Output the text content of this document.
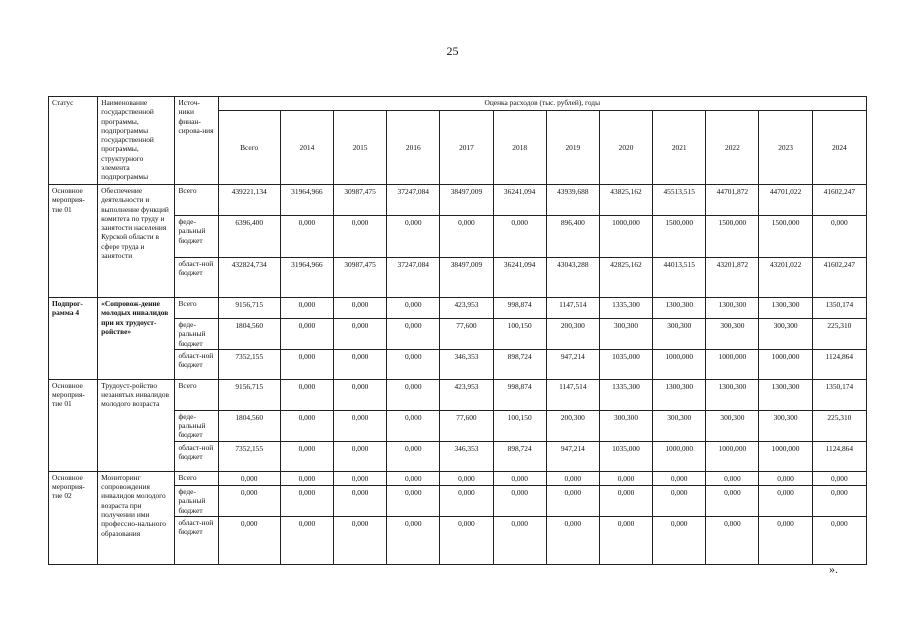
25
Статус	Наименование государственной программы, подпрограммы государственной программы, структурного элемента подпрограммы	Источ-ники финан-сирова-ния	Оценка расходов (тыс. рублей), годы											
			Всего	2014	2015	2016	2017	2018	2019	2020	2021	2022	2023	2024
Основное мероприя-тие 01	Обеспечение деятельности и выполнение функций комитета по труду и занятости населения Курской области в сфере труда и занятости	Всего	439221,134	31964,966	30987,475	37247,084	38497,009	36241,094	43939,688	43825,162	45513,515	44701,872	44701,022	41602,247
		феде-ральный бюджет	6396,400	0,000	0,000	0,000	0,000	0,000	896,400	1000,000	1500,000	1500,000	1500,000	0,000
		област-ной бюджет	432824,734	31964,966	30987,475	37247,084	38497,009	36241,094	43043,288	42825,162	44013,515	43201,872	43201,022	41602,247
Подпрог-рамма 4	«Сопровож-дение молодых инвалидов при их трудоуст-ройстве»	Всего	9156,715	0,000	0,000	0,000	423,953	998,874	1147,514	1335,300	1300,300	1300,300	1300,300	1350,174
		феде-ральный бюджет	1804,560	0,000	0,000	0,000	77,600	100,150	200,300	300,300	300,300	300,300	300,300	225,310
		област-ной бюджет	7352,155	0,000	0,000	0,000	346,353	898,724	947,214	1035,000	1000,000	1000,000	1000,000	1124,864
Основное мероприя-тие 01	Трудоуст-ройство незанятых инвалидов молодого возраста	Всего	9156,715	0,000	0,000	0,000	423,953	998,874	1147,514	1335,300	1300,300	1300,300	1300,300	1350,174
		феде-ральный бюджет	1804,560	0,000	0,000	0,000	77,600	100,150	200,300	300,300	300,300	300,300	300,300	225,310
		област-ной бюджет	7352,155	0,000	0,000	0,000	346,353	898,724	947,214	1035,000	1000,000	1000,000	1000,000	1124,864
Основное мероприя-тие 02	Мониторинг сопровождения инвалидов молодого возраста при получении ими профессио-нального образования	Всего	0,000	0,000	0,000	0,000	0,000	0,000	0,000	0,000	0,000	0,000	0,000	0,000
		феде-ральный бюджет	0,000	0,000	0,000	0,000	0,000	0,000	0,000	0,000	0,000	0,000	0,000	0,000
		област-ной бюджет	0,000	0,000	0,000	0,000	0,000	0,000	0,000	0,000	0,000	0,000	0,000	0,000
».
